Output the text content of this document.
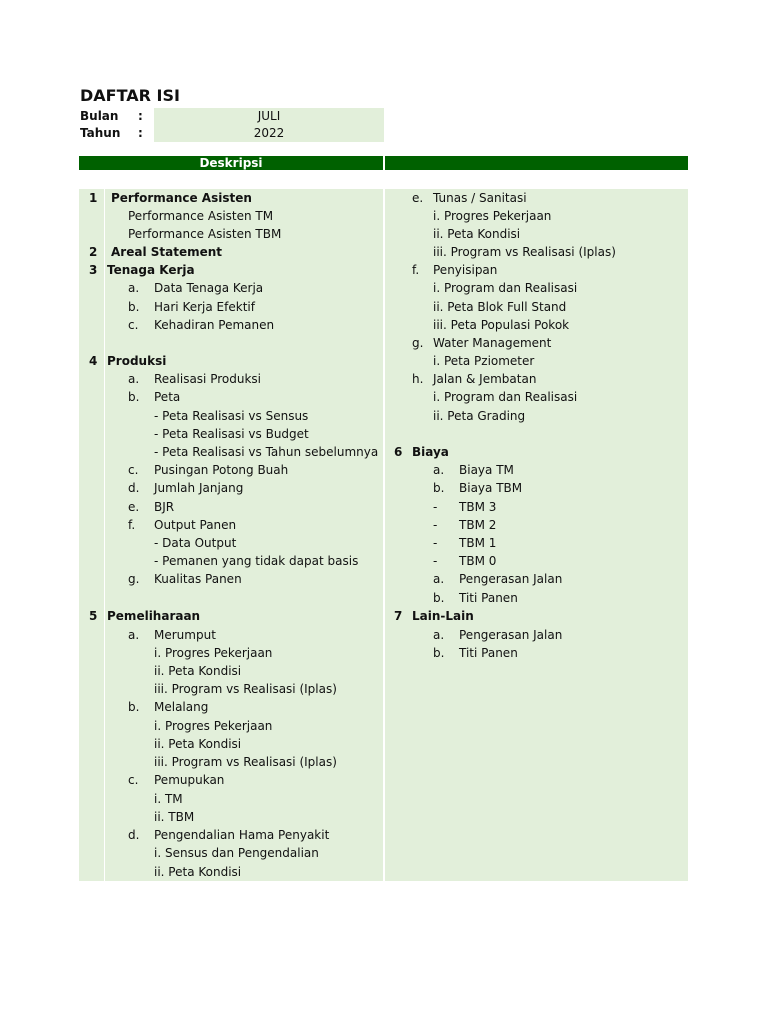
DAFTAR ISI
Bulan :	JULI
Tahun :	2022
Deskripsi
1 Performance Asisten
Performance Asisten TM
Performance Asisten TBM
2 Areal Statement
3 Tenaga Kerja
a. Data Tenaga Kerja
b. Hari Kerja Efektif
c. Kehadiran Pemanen
4 Produksi
a. Realisasi Produksi
b. Peta
- Peta Realisasi vs Sensus
- Peta Realisasi vs Budget
- Peta Realisasi vs Tahun sebelumnya
c. Pusingan Potong Buah
d. Jumlah Janjang
e. BJR
f. Output Panen
- Data Output
- Pemanen yang tidak dapat basis
g. Kualitas Panen
5 Pemeliharaan
a. Merumput
i. Progres Pekerjaan
ii. Peta Kondisi
iii. Program vs Realisasi (Iplas)
b. Melalang
i. Progres Pekerjaan
ii. Peta Kondisi
iii. Program vs Realisasi (Iplas)
c. Pemupukan
i. TM
ii. TBM
d. Pengendalian Hama Penyakit
i. Sensus dan Pengendalian
ii. Peta Kondisi
e. Tunas / Sanitasi
i. Progres Pekerjaan
ii. Peta Kondisi
iii. Program vs Realisasi (Iplas)
f. Penyisipan
i. Program dan Realisasi
ii. Peta Blok Full Stand
iii. Peta Populasi Pokok
g. Water Management
i. Peta Pziometer
h. Jalan & Jembatan
i. Program dan Realisasi
ii. Peta Grading
6 Biaya
a. Biaya TM
b. Biaya TBM
- TBM 3
- TBM 2
- TBM 1
- TBM 0
a. Pengerasan Jalan
b. Titi Panen
7 Lain-Lain
a. Pengerasan Jalan
b. Titi Panen
